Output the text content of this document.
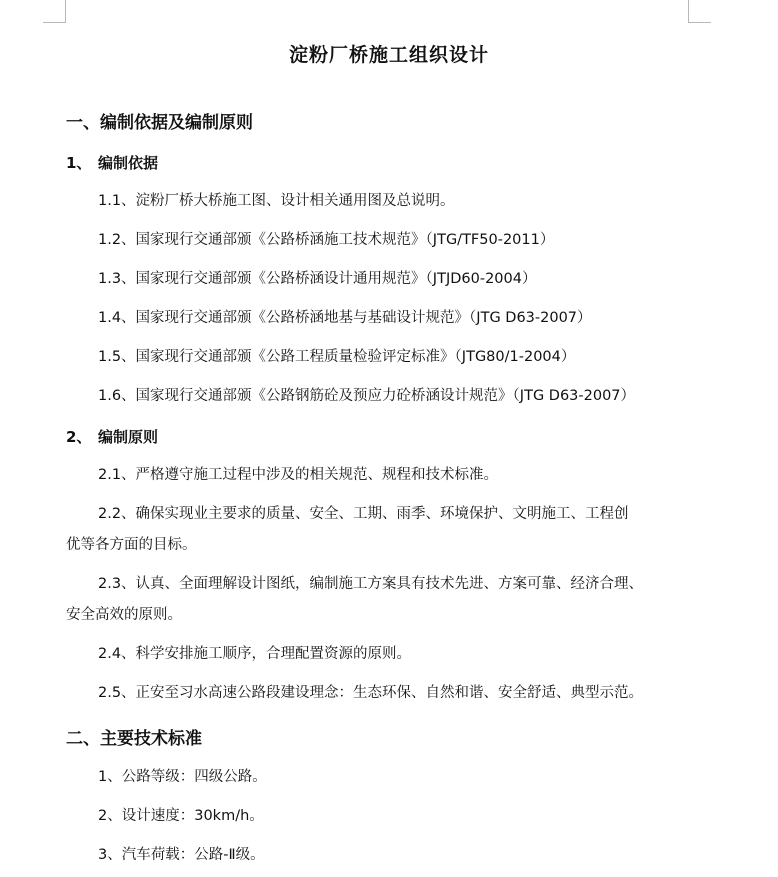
淀粉厂桥施工组织设计
一、编制依据及编制原则
1、 编制依据
1.1、淀粉厂桥大桥施工图、设计相关通用图及总说明。
1.2、国家现行交通部颁《公路桥涵施工技术规范》（JTG/TF50-2011）
1.3、国家现行交通部颁《公路桥涵设计通用规范》（JTJD60-2004）
1.4、国家现行交通部颁《公路桥涵地基与基础设计规范》（JTG D63-2007）
1.5、国家现行交通部颁《公路工程质量检验评定标准》（JTG80/1-2004）
1.6、国家现行交通部颁《公路钢筋砼及预应力砼桥涵设计规范》（JTG D63-2007）
2、 编制原则
2.1、严格遵守施工过程中涉及的相关规范、规程和技术标准。
2.2、确保实现业主要求的质量、安全、工期、雨季、环境保护、文明施工、工程创
优等各方面的目标。
2.3、认真、全面理解设计图纸，编制施工方案具有技术先进、方案可靠、经济合理、
安全高效的原则。
2.4、科学安排施工顺序，合理配置资源的原则。
2.5、正安至习水高速公路段建设理念：生态环保、自然和谐、安全舒适、典型示范。
二、主要技术标准
1、公路等级：四级公路。
2、设计速度：30km/h。
3、汽车荷载：公路-Ⅱ级。
